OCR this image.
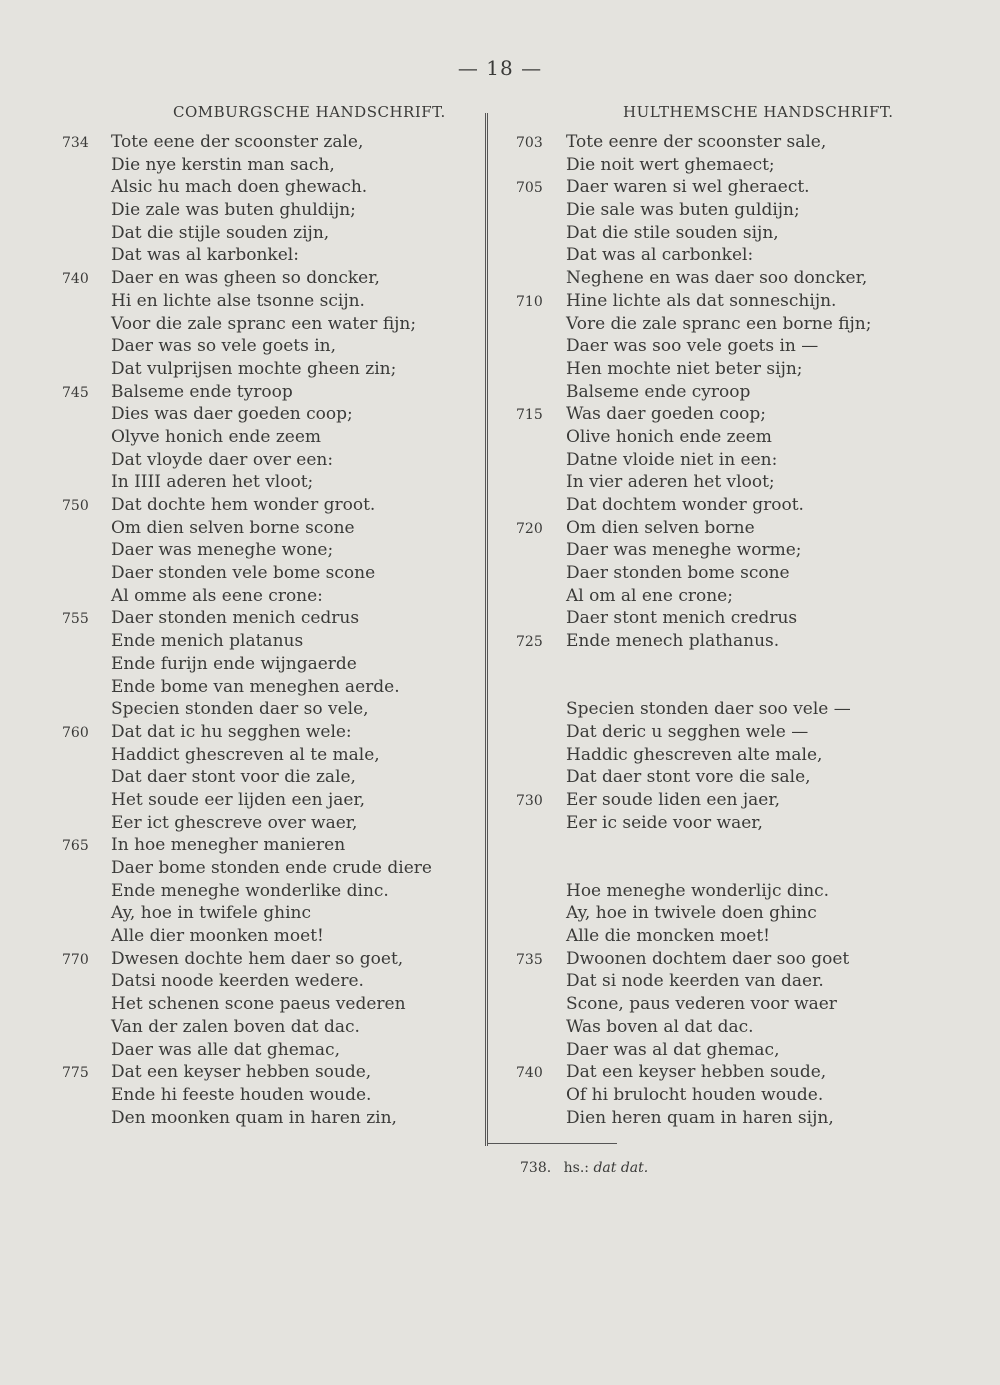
— 18 —
COMBURGSCHE HANDSCHRIFT.	HULTHEMSCHE HANDSCHRIFT.
734 Tote eene der scoonster zale,
Die nye kerstin man sach,
Alsic hu mach doen ghewach.
Die zale was buten ghuldijn;
Dat die stijle souden zijn,
Dat was al karbonkel:
740 Daer en was gheen so doncker,
Hi en lichte alse tsonne scijn.
Voor die zale spranc een water fijn;
Daer was so vele goets in,
Dat vulprijsen mochte gheen zin;
745 Balseme ende tyroop
Dies was daer goeden coop;
Olyve honich ende zeem
Dat vloyde daer over een:
In IIII aderen het vloot;
750 Dat dochte hem wonder groot.
Om dien selven borne scone
Daer was meneghe wone;
Daer stonden vele bome scone
Al omme als eene crone:
755 Daer stonden menich cedrus
Ende menich platanus
Ende furijn ende wijngaerde
Ende bome van meneghen aerde.
Specien stonden daer so vele,
760 Dat dat ic hu segghen wele:
Haddict ghescreven al te male,
Dat daer stont voor die zale,
Het soude eer lijden een jaer,
Eer ict ghescreve over waer,
765 In hoe menegher manieren
Daer bome stonden ende crude diere
Ende meneghe wonderlike dinc.
Ay, hoe in twifele ghinc
Alle dier moonken moet!
770 Dwesen dochte hem daer so goet,
Datsi noode keerden wedere.
Het schenen scone paeus vederen
Van der zalen boven dat dac.
Daer was alle dat ghemac,
775 Dat een keyser hebben soude,
Ende hi feeste houden woude.
Den moonken quam in haren zin,
703 Tote eenre der scoonster sale,
Die noit wert ghemaect;
705 Daer waren si wel gheraect.
Die sale was buten guldijn;
Dat die stile souden sijn,
Dat was al carbonkel:
Neghene en was daer soo doncker,
710 Hine lichte als dat sonneschijn.
Vore die zale spranc een borne fijn;
Daer was soo vele goets in —
Hen mochte niet beter sijn;
Balseme ende cyroop
715 Was daer goeden coop;
Olive honich ende zeem
Datne vloide niet in een:
In vier aderen het vloot;
Dat dochtem wonder groot.
720 Om dien selven borne
Daer was meneghe worme;
Daer stonden bome scone
Al om al ene crone;
Daer stont menich credrus
725 Ende menech plathanus.
Specien stonden daer soo vele —
Dat deric u segghen wele —
Haddic ghescreven alte male,
Dat daer stont vore die sale,
730 Eer soude liden een jaer,
Eer ic seide voor waer,
Hoe meneghe wonderlijc dinc.
Ay, hoe in twivele doen ghinc
Alle die moncken moet!
735 Dwoonen dochtem daer soo goet
Dat si node keerden van daer.
Scone, paus vederen voor waer
Was boven al dat dac.
Daer was al dat ghemac,
740 Dat een keyser hebben soude,
Of hi brulocht houden woude.
Dien heren quam in haren sijn,
738. hs.: dat dat.
